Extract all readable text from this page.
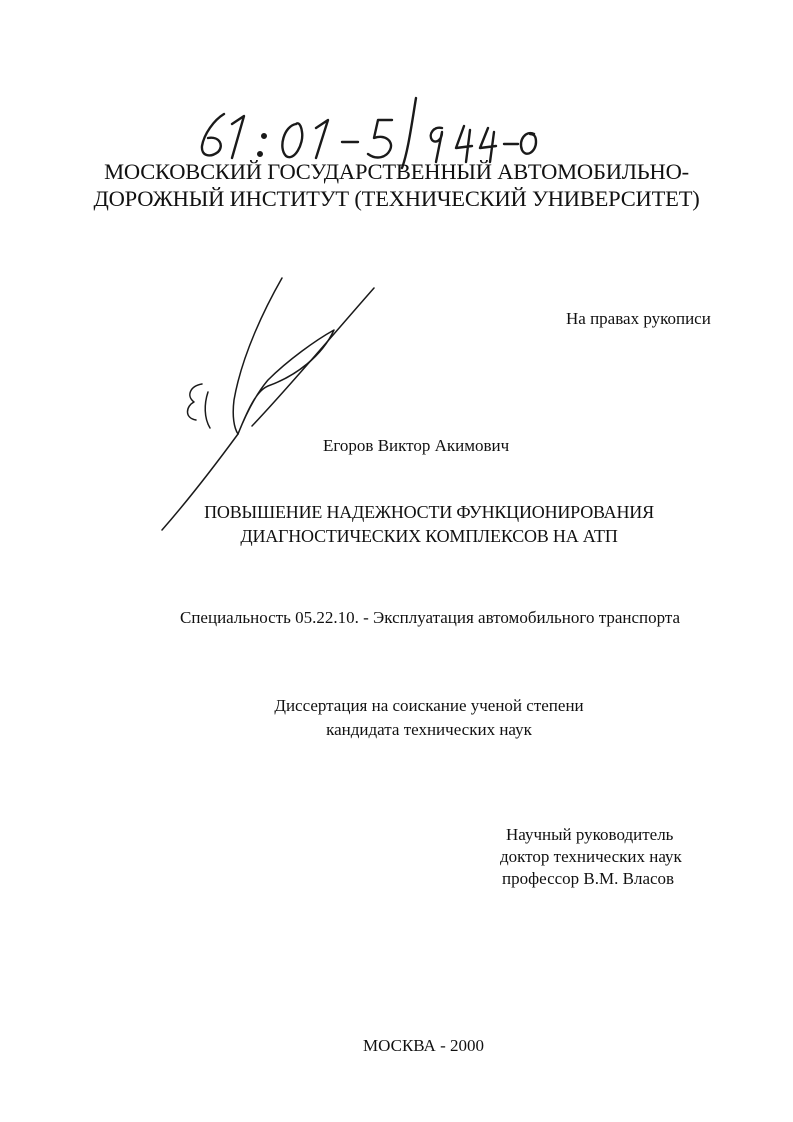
МОСКОВСКИЙ ГОСУДАРСТВЕННЫЙ АВТОМОБИЛЬНО-
ДОРОЖНЫЙ ИНСТИТУТ (ТЕХНИЧЕСКИЙ УНИВЕРСИТЕТ)
На правах рукописи
Егоров Виктор Акимович
ПОВЫШЕНИЕ НАДЕЖНОСТИ ФУНКЦИОНИРОВАНИЯ
ДИАГНОСТИЧЕСКИХ КОМПЛЕКСОВ НА АТП
Специальность 05.22.10. - Эксплуатация автомобильного транспорта
Диссертация на соискание ученой степени
кандидата технических наук
Научный руководитель
доктор технических наук
профессор В.М. Власов
МОСКВА - 2000
